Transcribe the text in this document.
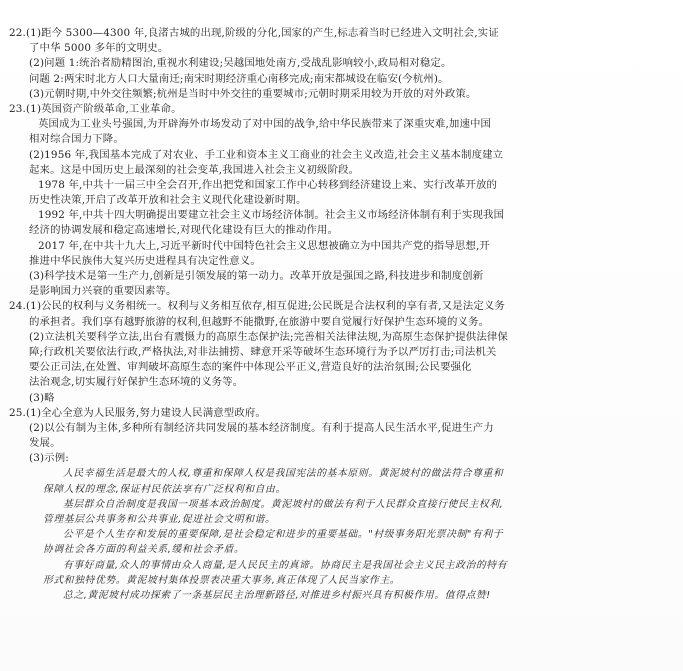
22.(1)距今 5300—4300 年,良渚古城的出现,阶级的分化,国家的产生,标志着当时已经进入文明社会,实证
了中华 5000 多年的文明史。
(2)问题 1:统治者励精图治,重视水利建设;吴越国地处南方,受战乱影响较小,政局相对稳定。
问题 2:两宋时北方人口大量南迁;南宋时期经济重心南移完成;南宋都城设在临安(今杭州)。
(3)元朝时期,中外交往频繁;杭州是当时中外交往的重要城市;元朝时期采用较为开放的对外政策。
23.(1)英国资产阶级革命,工业革命。
英国成为工业头号强国,为开辟海外市场发动了对中国的战争,给中华民族带来了深重灾难,加速中国
相对综合国力下降。
(2)1956 年,我国基本完成了对农业、手工业和资本主义工商业的社会主义改造,社会主义基本制度建立
起来。这是中国历史上最深刻的社会变革,我国进入社会主义初级阶段。
1978 年,中共十一届三中全会召开,作出把党和国家工作中心转移到经济建设上来、实行改革开放的
历史性决策,开启了改革开放和社会主义现代化建设新时期。
1992 年,中共十四大明确提出要建立社会主义市场经济体制。社会主义市场经济体制有利于实现我国
经济的协调发展和稳定高速增长,对现代化建设有巨大的推动作用。
2017 年,在中共十九大上,习近平新时代中国特色社会主义思想被确立为中国共产党的指导思想,开
推进中华民族伟大复兴历史进程具有决定性意义。
(3)科学技术是第一生产力,创新是引领发展的第一动力。改革开放是强国之路,科技进步和制度创新
是影响国力兴衰的重要因素等。
24.(1)公民的权利与义务相统一。权利与义务相互依存,相互促进;公民既是合法权利的享有者,又是法定义务
的承担者。我们享有越野旅游的权利,但越野不能撒野,在旅游中要自觉履行好保护生态环境的义务。
(2)立法机关要科学立法,出台有震慑力的高原生态保护法;完善相关法律法规,为高原生态保护提供法律保
障;行政机关要依法行政,严格执法,对非法捕捞、肆意开采等破坏生态环境行为予以严厉打击;司法机关
要公正司法,在处置、审判破坏高原生态的案件中体现公平正义,营造良好的法治氛围;公民要强化
法治观念,切实履行好保护生态环境的义务等。
(3)略
25.(1)全心全意为人民服务,努力建设人民满意型政府。
(2)以公有制为主体,多种所有制经济共同发展的基本经济制度。有利于提高人民生活水平,促进生产力
发展。
(3)示例:
人民幸福生活是最大的人权,尊重和保障人权是我国宪法的基本原则。黄泥坡村的做法符合尊重和
保障人权的理念,保证村民依法享有广泛权利和自由。
基层群众自治制度是我国一项基本政治制度。黄泥坡村的做法有利于人民群众直接行使民主权利,
管理基层公共事务和公共事业,促进社会文明和谐。
公平是个人生存和发展的重要保障,是社会稳定和进步的重要基础。"村级事务阳光票决制"有利于
协调社会各方面的利益关系,缓和社会矛盾。
有事好商量,众人的事情由众人商量,是人民民主的真谛。协商民主是我国社会主义民主政治的特有
形式和独特优势。黄泥坡村集体投票表决重大事务,真正体现了人民当家作主。
总之,黄泥坡村成功探索了一条基层民主治理新路径,对推进乡村振兴具有积极作用。值得点赞!
